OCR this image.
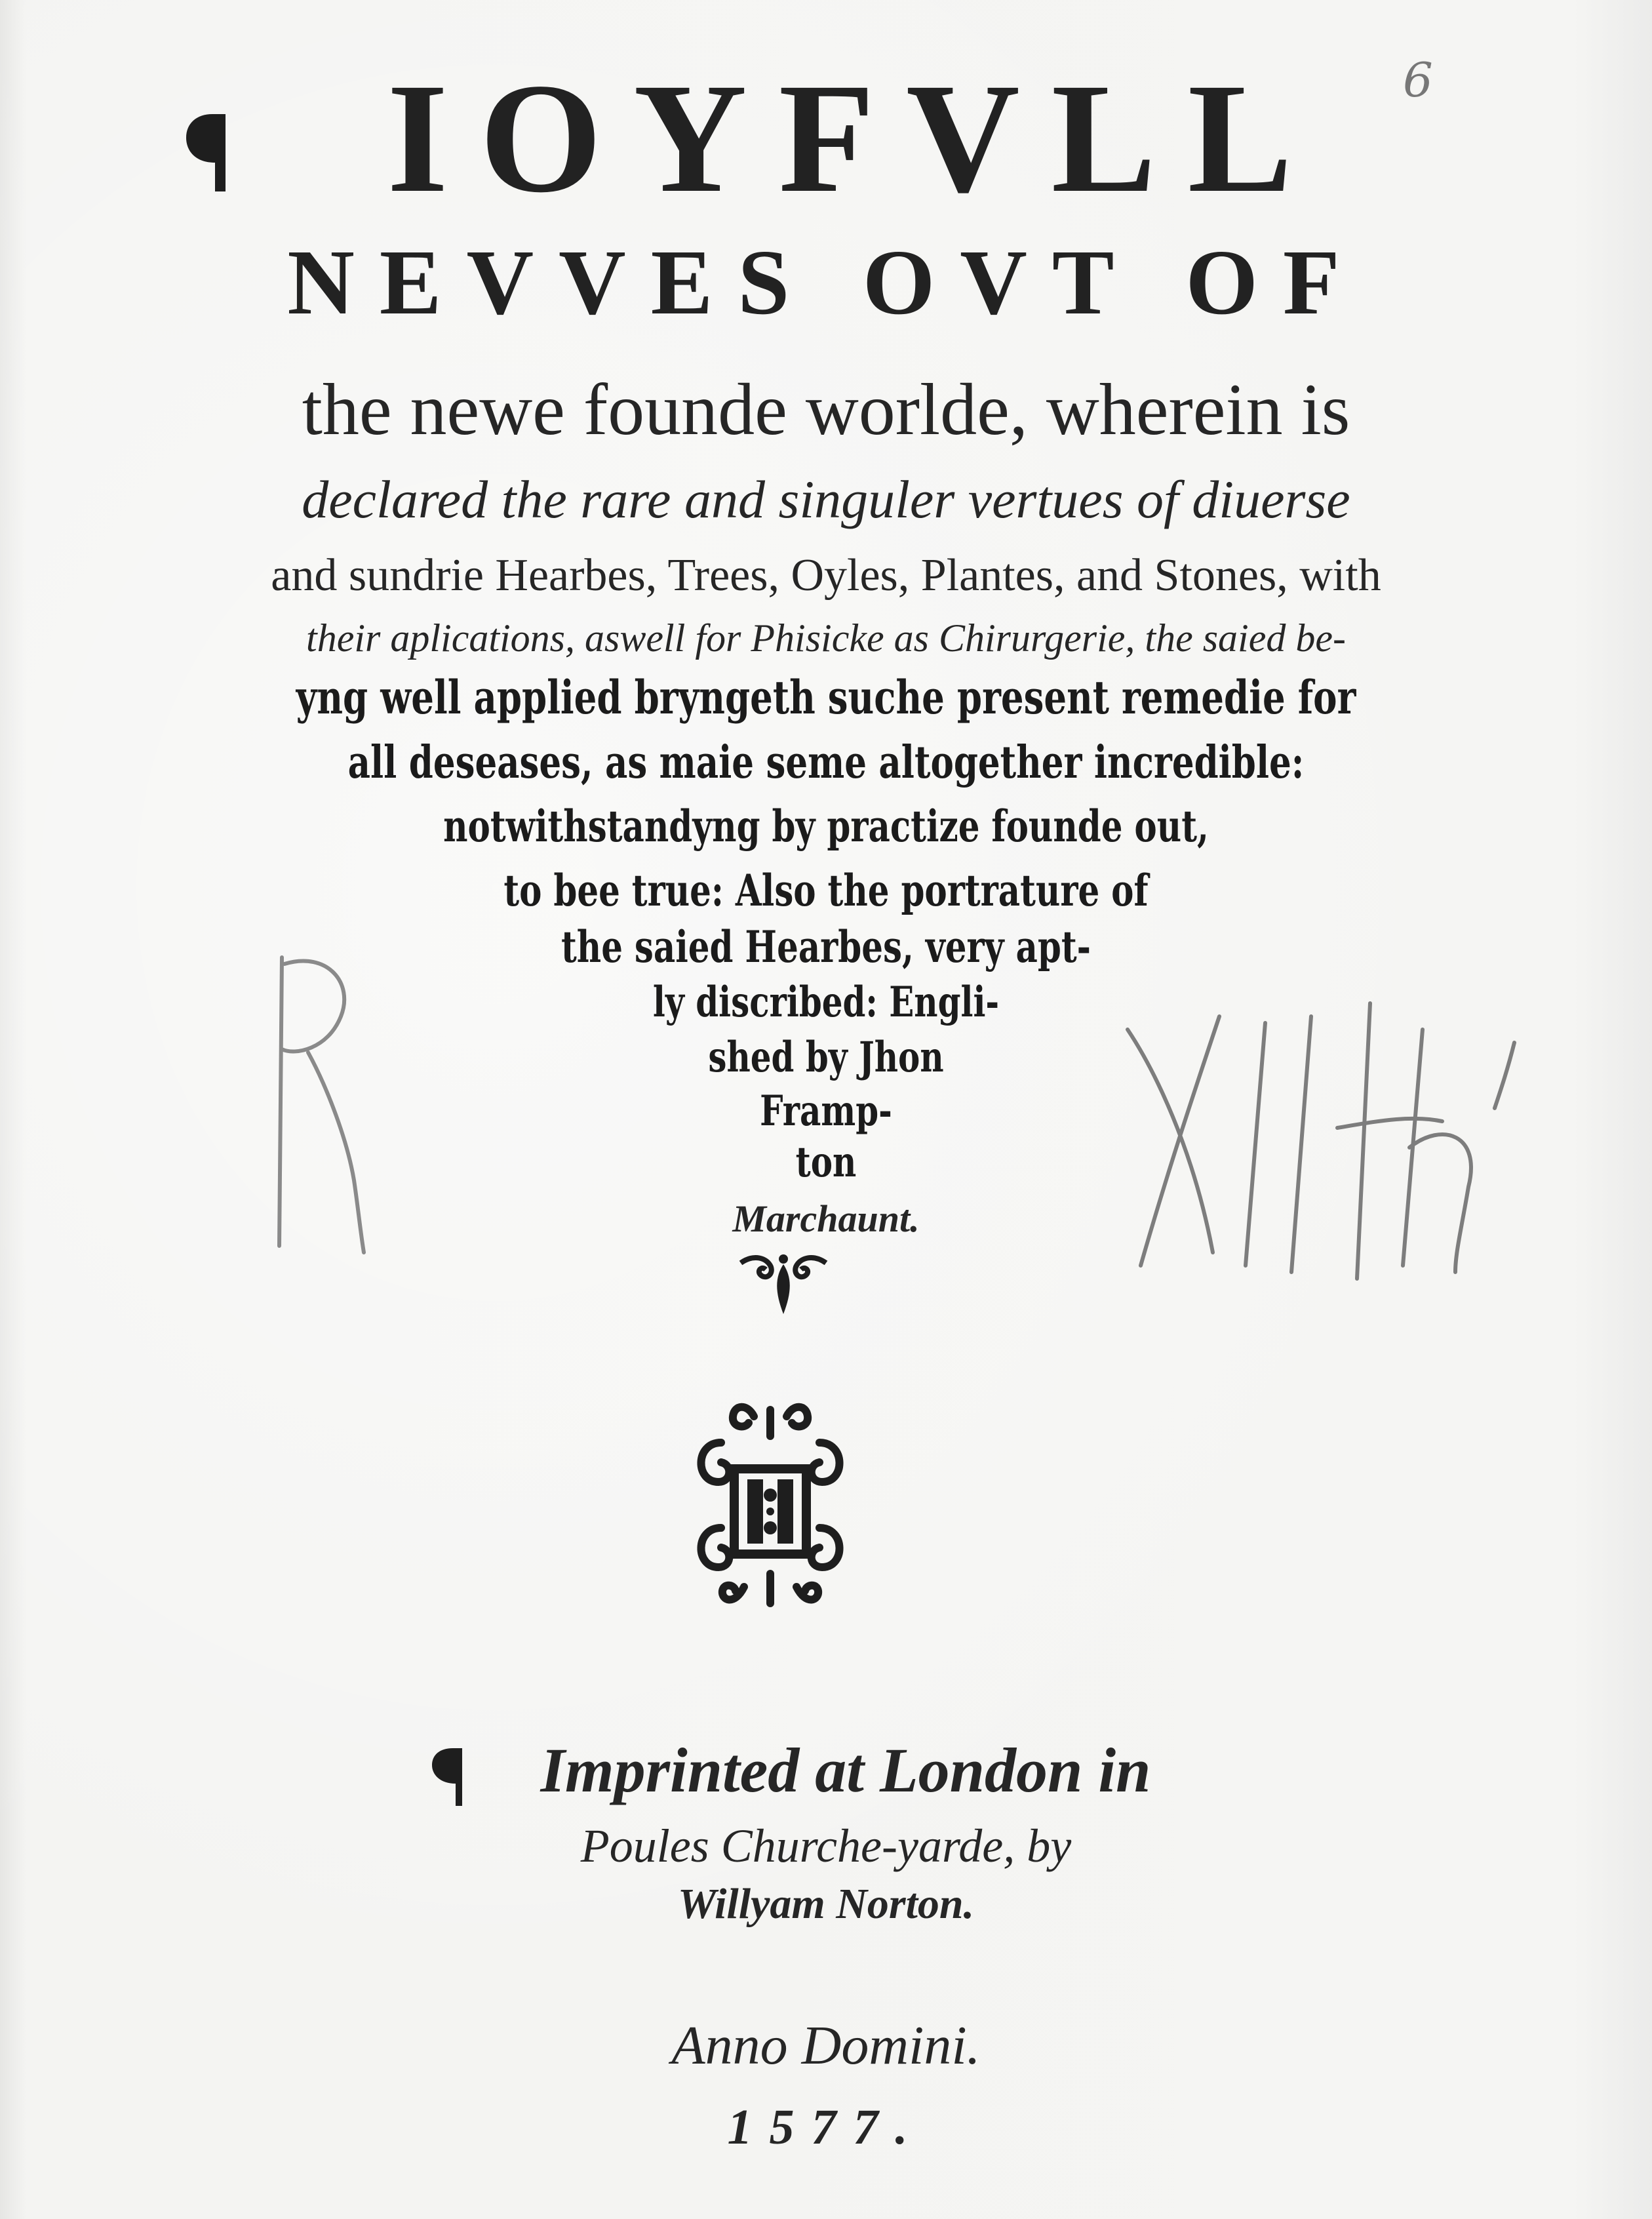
IOYFVLL
NEVVES OVT OF
the newe founde worlde, wherein is
declared the rare and singuler vertues of diuerse
and sundrie Hearbes, Trees, Oyles, Plantes, and Stones, with
their aplications, aswell for Phisicke as Chirurgerie, the saied be-
yng well applied bryngeth suche present remedie for
all deseases, as maie seme altogether incredible:
notwithstandyng by practize founde out,
to bee true: Also the portrature of
the saied Hearbes, very apt-
ly discribed: Engli-
shed by Jhon
Framp-
ton
Marchaunt.
Imprinted at London in
Poules Churche-yarde, by
Willyam Norton.
Anno Domini.
1577.
6
